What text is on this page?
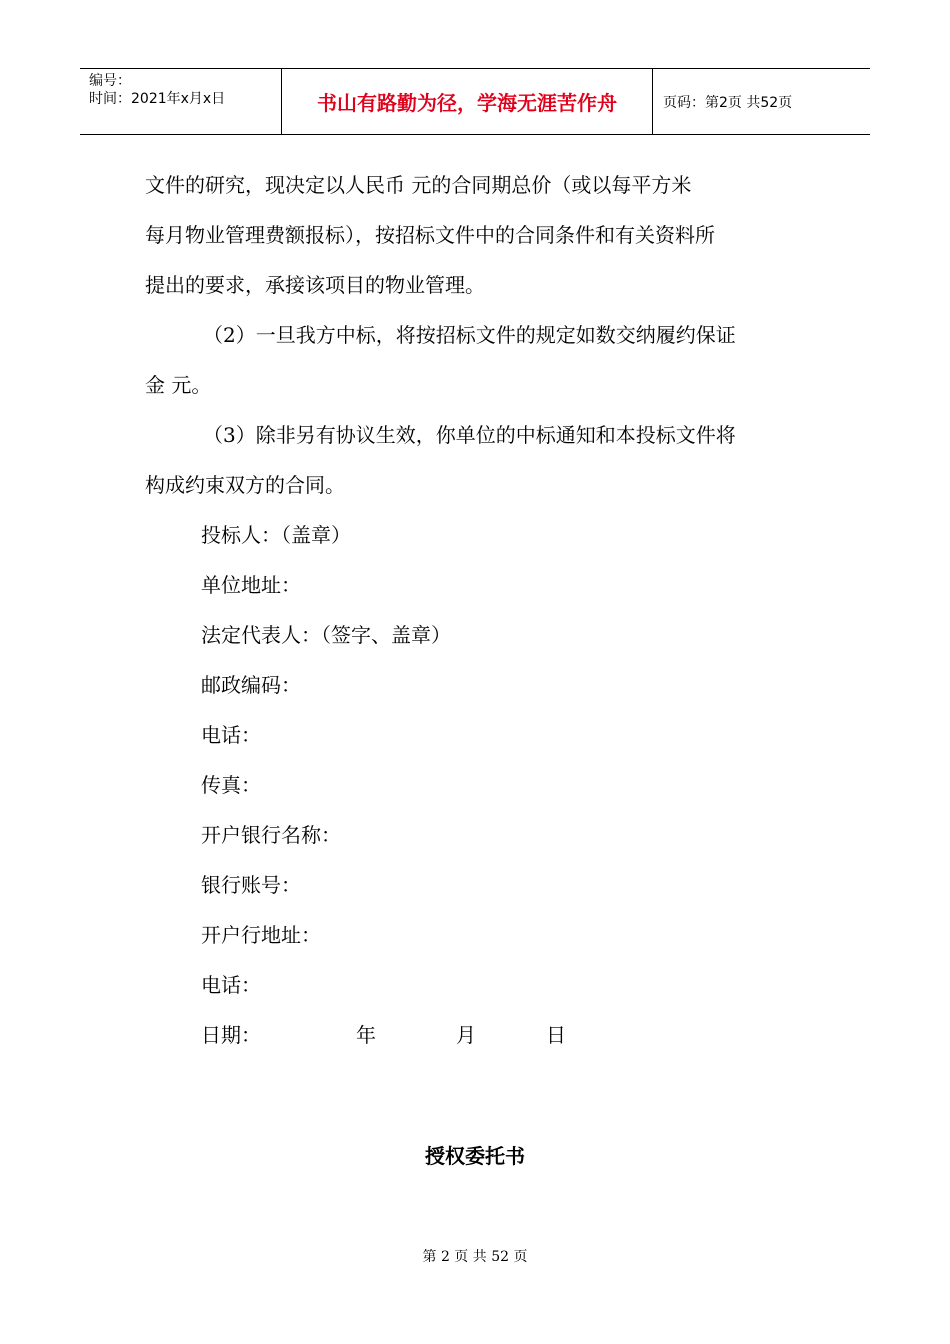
编号：
时间：2021年x月x日	书山有路勤为径，学海无涯苦作舟	页码：第2页 共52页

文件的研究，现决定以人民币 元的合同期总价（或以每平方米

每月物业管理费额报标），按招标文件中的合同条件和有关资料所

提出的要求，承接该项目的物业管理。

（2）一旦我方中标，将按招标文件的规定如数交纳履约保证

金 元。

（3）除非另有协议生效，你单位的中标通知和本投标文件将

构成约束双方的合同。

投标人：（盖章）

单位地址：

法定代表人：（签字、盖章）

邮政编码：

电话：

传真：

开户银行名称：

银行账号：

开户行地址：

电话：

日期：	年	月	日
授权委托书
第 2 页 共 52 页
